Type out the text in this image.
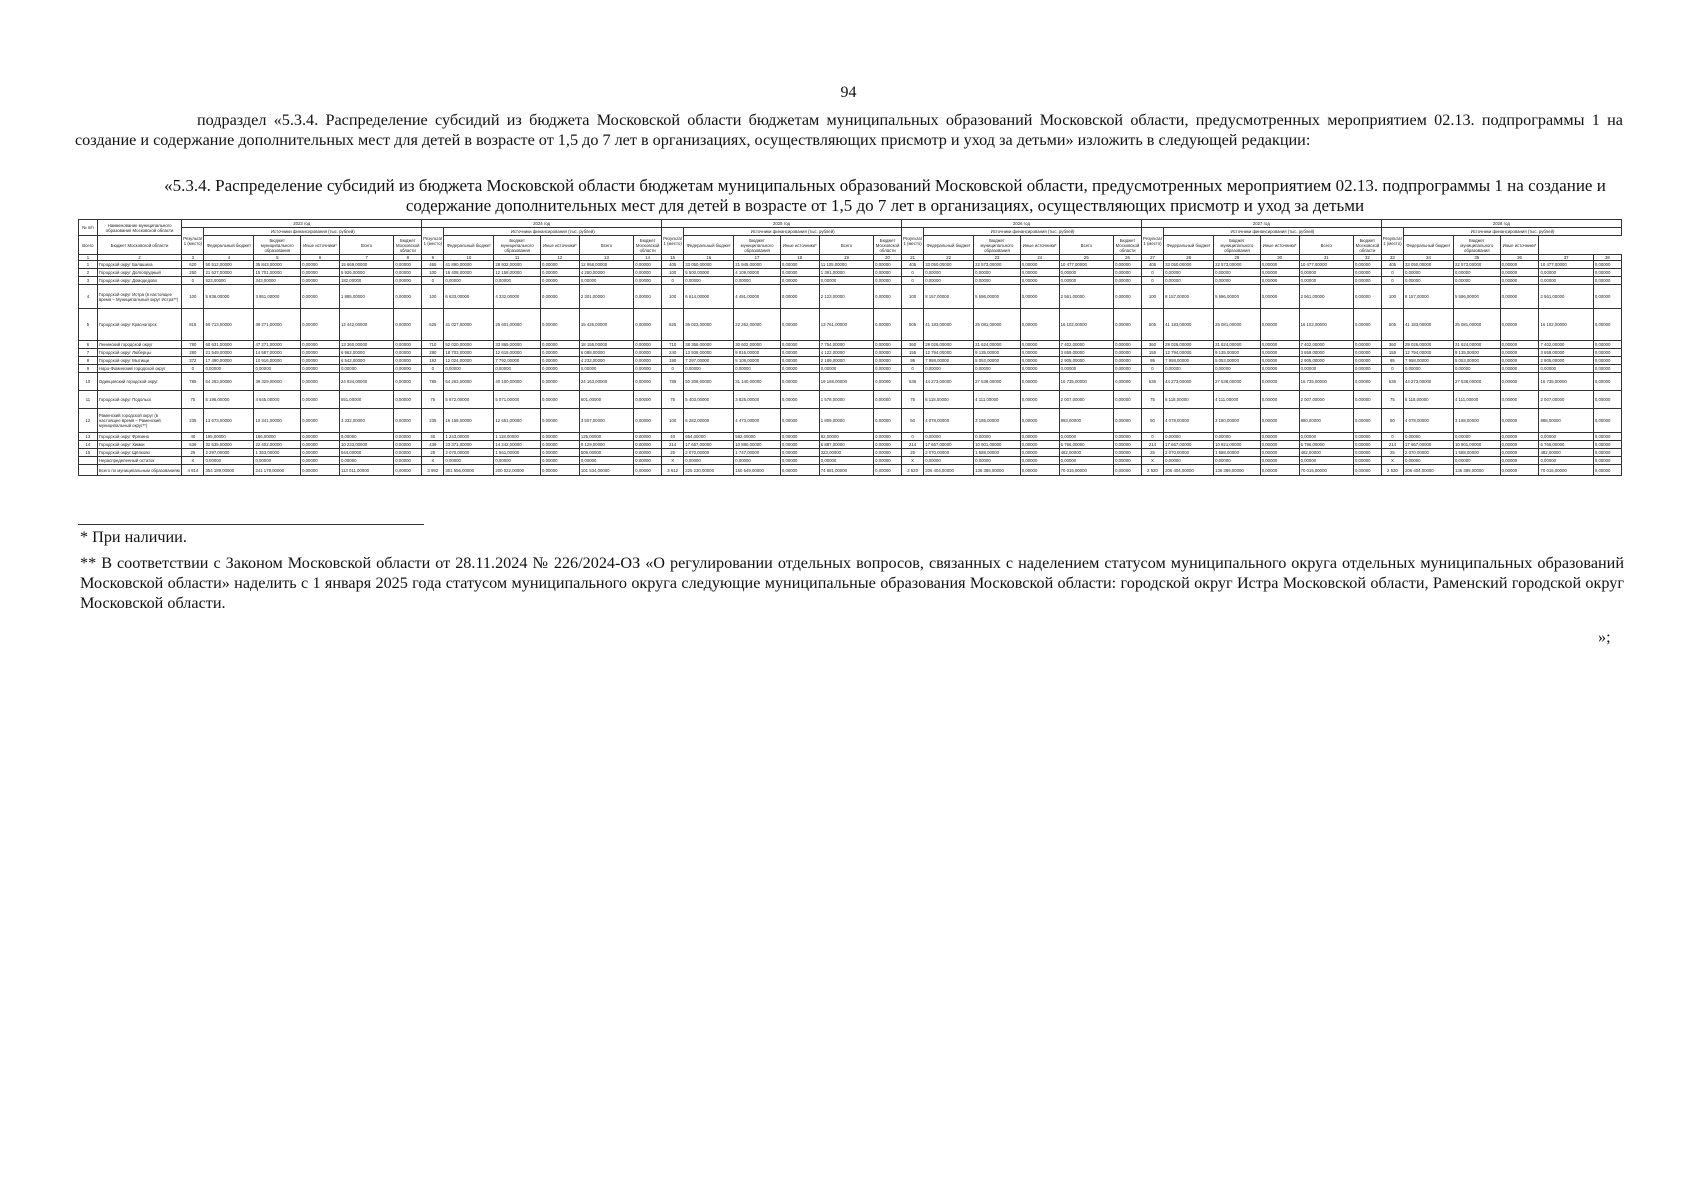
94
подраздел «5.3.4. Распределение субсидий из бюджета Московской области бюджетам муниципальных образований Московской области, предусмотренных мероприятием 02.13. подпрограммы 1 на создание и содержание дополнительных мест для детей в возрасте от 1,5 до 7 лет в организациях, осуществляющих присмотр и уход за детьми» изложить в следующей редакции:
«5.3.4. Распределение субсидий из бюджета Московской области бюджетам муниципальных образований Московской области, предусмотренных мероприятием 02.13. подпрограммы 1 на создание и содержание дополнительных мест для детей в возрасте от 1,5 до 7 лет в организациях, осуществляющих присмотр и уход за детьми
№ п/п	Наименование муниципального образования Московской области	2023 год						2024 год						2025 год						2026 год						2027 год						2028 год					
		Результат 1 (место)	Источники финансирования (тыс. рублей)					Результат 1 (место)	Источники финансирования (тыс. рублей)					Результат 1 (место)	Источники финансирования (тыс. рублей)					Результат 1 (место)	Источники финансирования (тыс. рублей)					Результат 1 (место)	Источники финансирования (тыс. рублей)					Результат 1 (место)	Источники финансирования (тыс. рублей)				
Всего	Бюджет Московской области		Федеральный бюджет	Бюджет муниципального образования	Иные источники*	Всего	Бюджет Московской области		Федеральный бюджет	Бюджет муниципального образования	Иные источники*	Всего	Бюджет Московской области		Федеральный бюджет	Бюджет муниципального образования	Иные источники*	Всего	Бюджет Московской области		Федеральный бюджет	Бюджет муниципального образования	Иные источники*	Всего	Бюджет Московской области		Федеральный бюджет	Бюджет муниципального образования	Иные источники*	Всего	Бюджет Московской области		Федеральный бюджет	Бюджет муниципального образования	Иные источники*		
1	2	3	4	5	6	7	8	9	10	11	12	13	14	15	16	17	18	19	20	21	22	23	24	25	26	27	28	29	30	31	32	33	34	35	36	37	38
1	Городской округ Балашиха	620	50 512,00000	35 843,00000	0,00000	15 669,00000	0,00000	465	41 890,00000	28 932,00000	0,00000	12 958,00000	0,00000	405	33 050,00000	21 945,00000	0,00000	11 105,00000	0,00000	405	33 050,00000	22 573,00000	0,00000	10 477,00000	0,00000	405	33 050,00000	22 573,00000	0,00000	10 477,00000	0,00000	405	33 050,00000	22 573,00000	0,00000	10 477,00000	0,00000
2	Городской округ Долгопрудный	250	21 627,00000	15 701,00000	0,00000	5 926,00000	0,00000	100	16 408,00000	12 158,00000	0,00000	4 250,00000	0,00000	100	5 500,00000	4 109,00000	0,00000	1 391,00000	0,00000	0	0,00000	0,00000	0,00000	0,00000	0,00000	0	0,00000	0,00000	0,00000	0,00000	0,00000	0	0,00000	0,00000	0,00000	0,00000	0,00000
3	Городской округ Домодедово	0	523,00000	343,00000	0,00000	182,00000	0,00000	0	0,00000	0,00000	0,00000	0,00000	0,00000	0	0,00000	0,00000	0,00000	0,00000	0,00000	0	0,00000	0,00000	0,00000	0,00000	0,00000	0	0,00000	0,00000	0,00000	0,00000	0,00000	0	0,00000	0,00000	0,00000	0,00000	0,00000
4	Городской округ Истра (в настоящее время – Муниципальный округ Истра**)	100	5 836,00000	3 951,00000	0,00000	1 885,00000	0,00000	100	6 633,00000	4 332,00000	0,00000	2 301,00000	0,00000	100	6 614,00000	4 491,00000	0,00000	2 123,00000	0,00000	100	8 157,00000	5 596,00000	0,00000	2 561,00000	0,00000	100	8 157,00000	5 596,00000	0,00000	2 561,00000	0,00000	100	8 157,00000	5 596,00000	0,00000	2 561,00000	0,00000
5	Городской округ Красногорск	815	50 713,00000	38 271,00000	0,00000	12 442,00000	0,00000	625	41 027,00000	25 601,00000	0,00000	15 426,00000	0,00000	625	36 023,00000	22 262,00000	0,00000	13 761,00000	0,00000	505	41 183,00000	25 081,00000	0,00000	16 102,00000	0,00000	505	41 183,00000	25 081,00000	0,00000	16 102,00000	0,00000	505	41 183,00000	25 081,00000	0,00000	16 102,00000	0,00000
6	Ленинский городской округ	780	60 631,00000	47 271,00000	0,00000	13 360,00000	0,00000	710	52 020,00000	33 865,00000	0,00000	18 155,00000	0,00000	710	38 356,00000	30 602,00000	0,00000	7 754,00000	0,00000	360	29 026,00000	21 624,00000	0,00000	7 402,00000	0,00000	360	29 026,00000	21 624,00000	0,00000	7 402,00000	0,00000	360	29 026,00000	21 624,00000	0,00000	7 402,00000	0,00000
7	Городской округ Люберцы	280	21 549,00000	14 587,00000	0,00000	6 962,00000	0,00000	280	18 703,00000	12 615,00000	0,00000	6 088,00000	0,00000	240	13 938,00000	9 816,00000	0,00000	4 122,00000	0,00000	155	12 794,00000	9 135,00000	0,00000	3 659,00000	0,00000	155	12 794,00000	9 135,00000	0,00000	3 659,00000	0,00000	155	12 794,00000	9 135,00000	0,00000	3 659,00000	0,00000
8	Городской округ Мытищи	372	17 490,00000	10 916,00000	0,00000	6 542,00000	0,00000	192	12 024,00000	7 792,00000	0,00000	4 232,00000	0,00000	190	7 297,00000	5 108,00000	0,00000	2 189,00000	0,00000	95	7 958,00000	5 053,00000	0,00000	2 905,00000	0,00000	95	7 958,00000	5 053,00000	0,00000	2 905,00000	0,00000	95	7 958,00000	5 053,00000	0,00000	2 905,00000	0,00000
9	Наро-Фоминский городской округ	0	0,00000	0,00000	0,00000	0,00000	0,00000	0	0,00000	0,00000	0,00000	0,00000	0,00000	0	0,00000	0,00000	0,00000	0,00000	0,00000	0	0,00000	0,00000	0,00000	0,00000	0,00000	0	0,00000	0,00000	0,00000	0,00000	0,00000	0	0,00000	0,00000	0,00000	0,00000	0,00000
10	Одинцовский городской округ	785	64 263,00000	39 329,00000	0,00000	24 934,00000	0,00000	785	64 263,00000	40 100,00000	0,00000	24 163,00000	0,00000	785	50 308,00000	31 140,00000	0,00000	19 168,00000	0,00000	536	44 273,00000	27 538,00000	0,00000	16 735,00000	0,00000	536	44 273,00000	27 538,00000	0,00000	16 735,00000	0,00000	536	44 273,00000	27 538,00000	0,00000	16 735,00000	0,00000
11	Городской округ Подольск	75	5 196,00000	4 645,00000	0,00000	551,00000	0,00000	75	5 672,00000	5 071,00000	0,00000	601,00000	0,00000	75	5 403,00000	3 825,00000	0,00000	1 578,00000	0,00000	75	6 118,00000	4 111,00000	0,00000	2 007,00000	0,00000	75	6 118,00000	4 111,00000	0,00000	2 007,00000	0,00000	75	6 118,00000	4 111,00000	0,00000	2 007,00000	0,00000
12	Раменский городской округ (в настоящее время – Раменский муниципальный округ**)	235	13 673,00000	10 341,00000	0,00000	3 332,00000	0,00000	235	16 158,00000	12 651,00000	0,00000	3 507,00000	0,00000	100	6 282,00000	4 473,00000	0,00000	1 809,00000	0,00000	50	4 078,00000	3 185,00000	0,00000	893,00000	0,00000	50	4 078,00000	3 180,00000	0,00000	880,00000	0,00000	50	4 078,00000	3 188,00000	0,00000	888,00000	0,00000
13	Городской округ Фрязино	40	195,00000	186,00000	0,00000	9,00000	0,00000	40	1 243,00000	1 118,00000	0,00000	125,00000	0,00000	40	664,00000	582,00000	0,00000	82,00000	0,00000	0	0,00000	0,00000	0,00000	0,00000	0,00000	0	0,00000	0,00000	0,00000	0,00000	0,00000	0	0,00000	0,00000	0,00000	0,00000	0,00000
14	Городской округ Химки	536	32 635,00000	22 402,00000	0,00000	10 233,00000	0,00000	439	23 371,00000	14 242,00000	0,00000	9 129,00000	0,00000	214	17 667,00000	10 880,00000	0,00000	6 887,00000	0,00000	214	17 667,00000	10 901,00000	0,00000	6 766,00000	0,00000	214	17 667,00000	10 921,00000	0,00000	6 796,00000	0,00000	214	17 667,00000	10 901,00000	0,00000	6 766,00000	0,00000
15	Городской округ Щёлково	25	2 297,00000	1 353,00000	0,00000	944,00000	0,00000	25	2 070,00000	1 561,00000	0,00000	509,00000	0,00000	25	2 070,00000	1 747,00000	0,00000	323,00000	0,00000	25	2 070,00000	1 588,00000	0,00000	482,00000	0,00000	25	2 070,00000	1 588,00000	0,00000	482,00000	0,00000	25	2 070,00000	1 588,00000	0,00000	482,00000	0,00000
	Нераспределенный остаток	X	0,00000	0,00000	0,00000	0,00000	0,00000	X	0,00000	0,00000	0,00000	0,00000	0,00000	X	0,00000	0,00000	0,00000	0,00000	0,00000	X	0,00000	0,00000	0,00000	0,00000	0,00000	X	0,00000	0,00000	0,00000	0,00000	0,00000	X	0,00000	0,00000	0,00000	0,00000	0,00000
	Всего по муниципальным образованиям	4 914	354 189,00000	241 178,00000	0,00000	113 011,00000	0,00000	3 992	301 556,00000	200 022,00000	0,00000	101 534,00000	0,00000	3 612	225 230,00000	150 549,00000	0,00000	74 681,00000	0,00000	2 520	206 404,00000	136 389,00000	0,00000	70 015,00000	0,00000	2 520	206 404,00000	136 389,00000	0,00000	70 015,00000	0,00000	2 520	206 404,00000	136 389,00000	0,00000	70 015,00000	0,00000
* При наличии.
** В соответствии с Законом Московской области от 28.11.2024 № 226/2024-ОЗ «О регулировании отдельных вопросов, связанных с наделением статусом муниципального округа отдельных муниципальных образований Московской области» наделить с 1 января 2025 года статусом муниципального округа следующие муниципальные образования Московской области: городской округ Истра Московской области, Раменский городской округ Московской области.
»;
